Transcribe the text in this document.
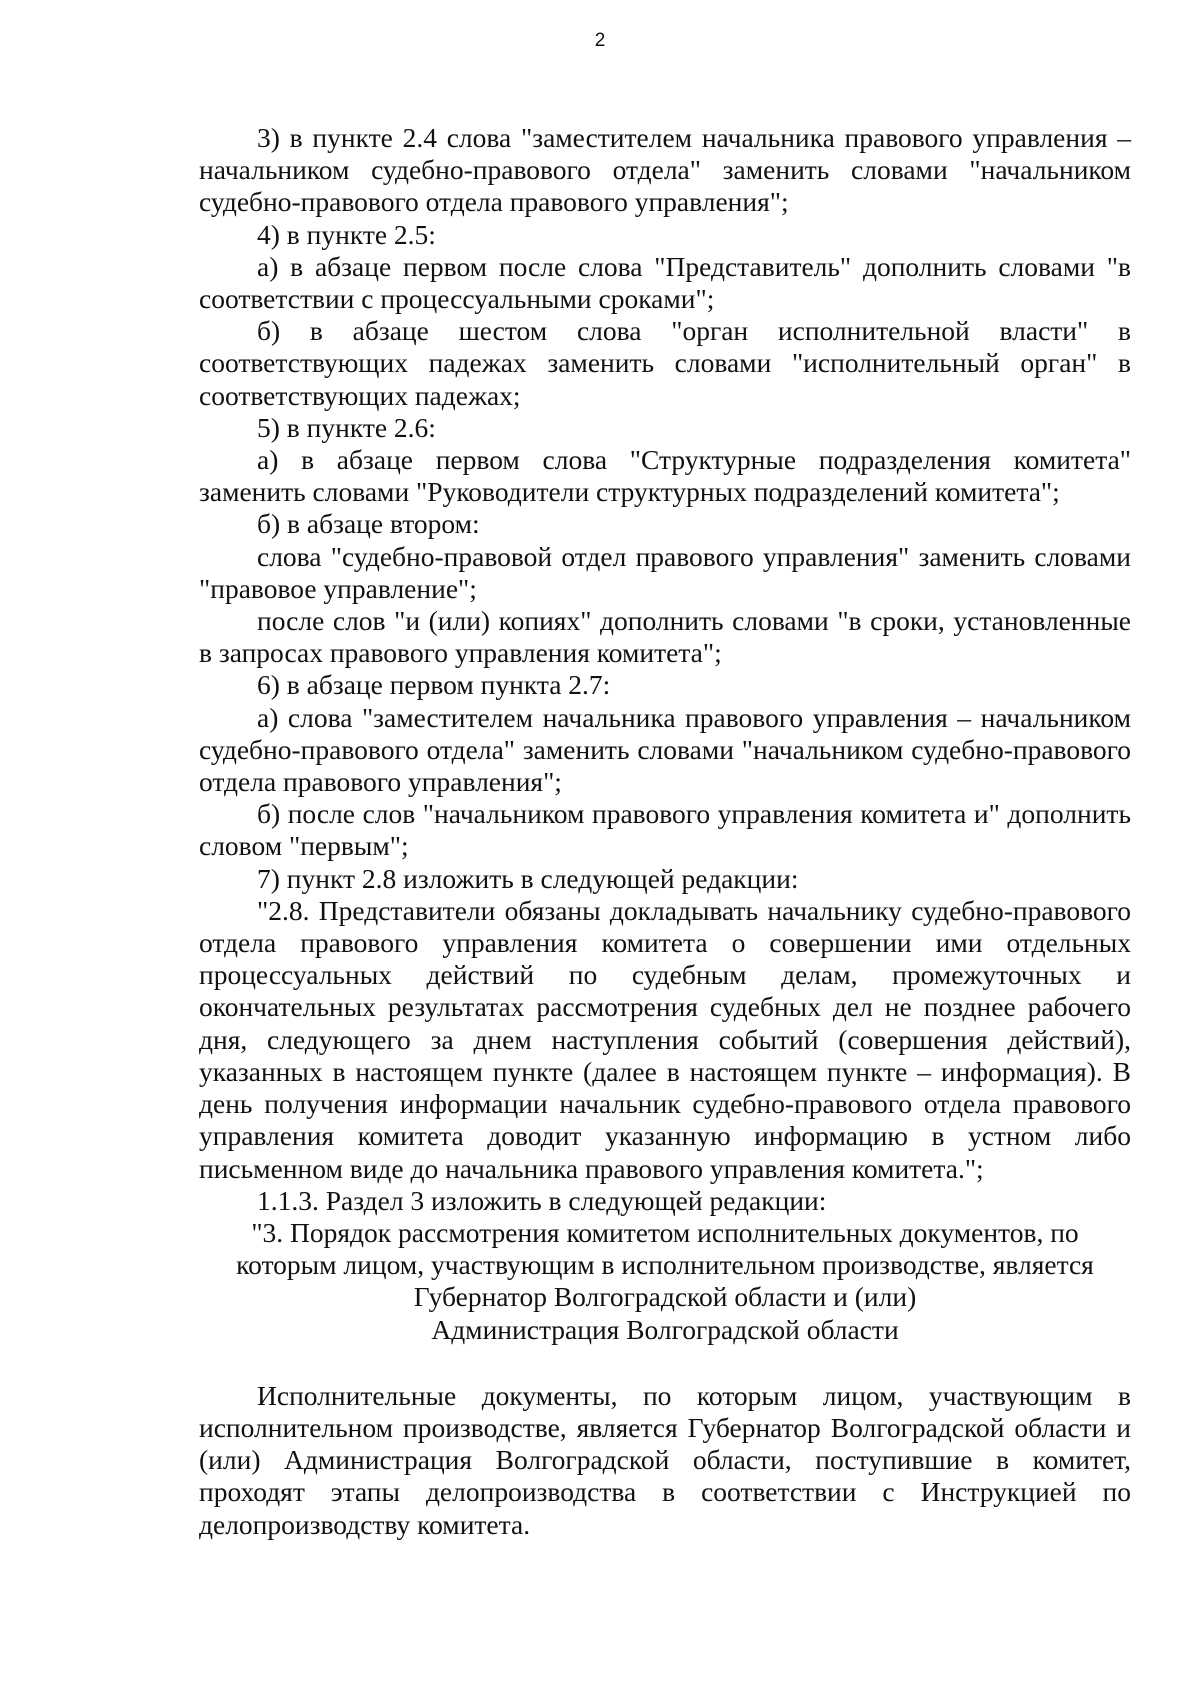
2

3) в пункте 2.4 слова "заместителем начальника правового управления – начальником судебно-правового отдела" заменить словами "начальником судебно-правового отдела правового управления";

4) в пункте 2.5:

а) в абзаце первом после слова "Представитель" дополнить словами "в соответствии с процессуальными сроками";

б) в абзаце шестом слова "орган исполнительной власти" в соответствующих падежах заменить словами "исполнительный орган" в соответствующих падежах;

5) в пункте 2.6:

а) в абзаце первом слова "Структурные подразделения комитета" заменить словами "Руководители структурных подразделений комитета";

б) в абзаце втором:

слова "судебно-правовой отдел правового управления" заменить словами "правовое управление";

после слов "и (или) копиях" дополнить словами "в сроки, установленные в запросах правового управления комитета";

6) в абзаце первом пункта 2.7:

а) слова "заместителем начальника правового управления – начальником судебно-правового отдела" заменить словами "начальником судебно-правового отдела правового управления";

б) после слов "начальником правового управления комитета и" дополнить словом "первым";

7) пункт 2.8 изложить в следующей редакции:

"2.8. Представители обязаны докладывать начальнику судебно-правового отдела правового управления комитета о совершении ими отдельных процессуальных действий по судебным делам, промежуточных и окончательных результатах рассмотрения судебных дел не позднее рабочего дня, следующего за днем наступления событий (совершения действий), указанных в настоящем пункте (далее в настоящем пункте – информация). В день получения информации начальник судебно-правового отдела правового управления комитета доводит указанную информацию в устном либо письменном виде до начальника правового управления комитета.";

1.1.3. Раздел 3 изложить в следующей редакции:

"3. Порядок рассмотрения комитетом исполнительных документов, по

которым лицом, участвующим в исполнительном производстве, является

Губернатор Волгоградской области и (или)

Администрация Волгоградской области

Исполнительные документы, по которым лицом, участвующим в исполнительном производстве, является Губернатор Волгоградской области и (или) Администрация Волгоградской области, поступившие в комитет, проходят этапы делопроизводства в соответствии с Инструкцией по делопроизводству комитета.
